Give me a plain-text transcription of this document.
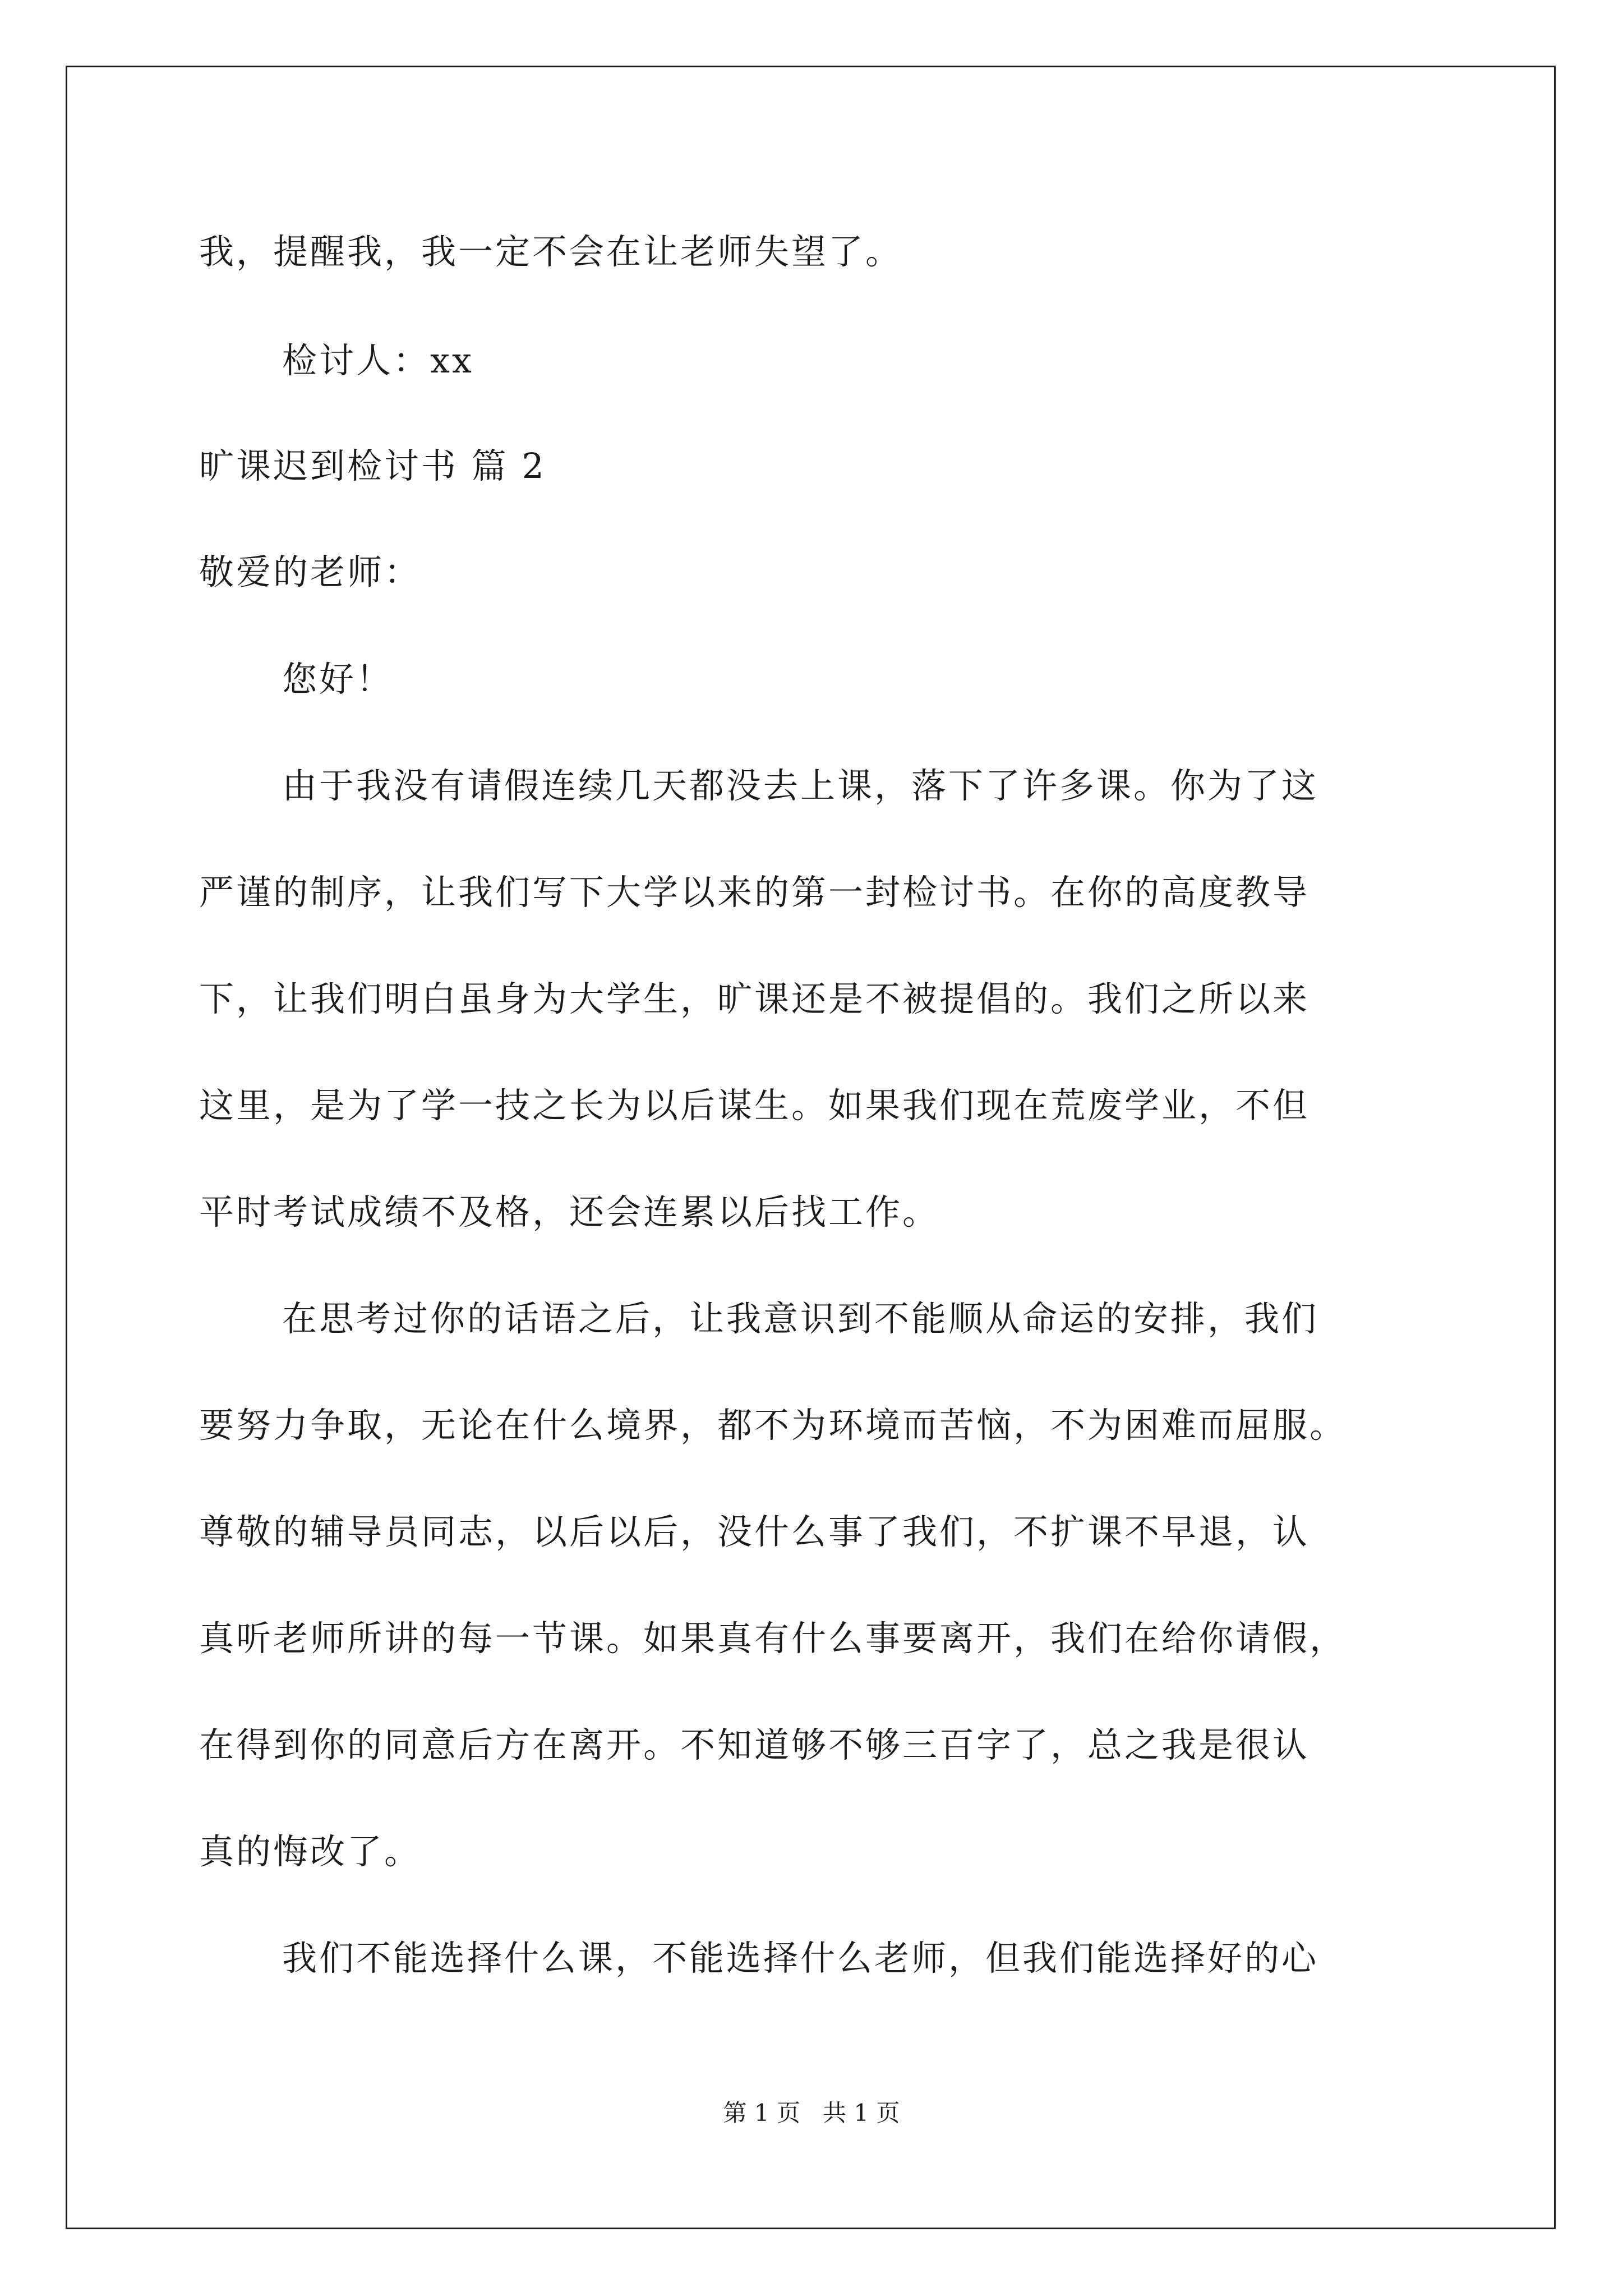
我，提醒我，我一定不会在让老师失望了。
检讨人：xx
旷课迟到检讨书 篇 2
敬爱的老师：
您好！
由于我没有请假连续几天都没去上课，落下了许多课。你为了这
严谨的制序，让我们写下大学以来的第一封检讨书。在你的高度教导
下，让我们明白虽身为大学生，旷课还是不被提倡的。我们之所以来
这里，是为了学一技之长为以后谋生。如果我们现在荒废学业，不但
平时考试成绩不及格，还会连累以后找工作。
在思考过你的话语之后，让我意识到不能顺从命运的安排，我们
要努力争取，无论在什么境界，都不为环境而苦恼，不为困难而屈服。
尊敬的辅导员同志，以后以后，没什么事了我们，不扩课不早退，认
真听老师所讲的每一节课。如果真有什么事要离开，我们在给你请假，
在得到你的同意后方在离开。不知道够不够三百字了，总之我是很认
真的悔改了。
我们不能选择什么课，不能选择什么老师，但我们能选择好的心
第 1 页   共 1 页
